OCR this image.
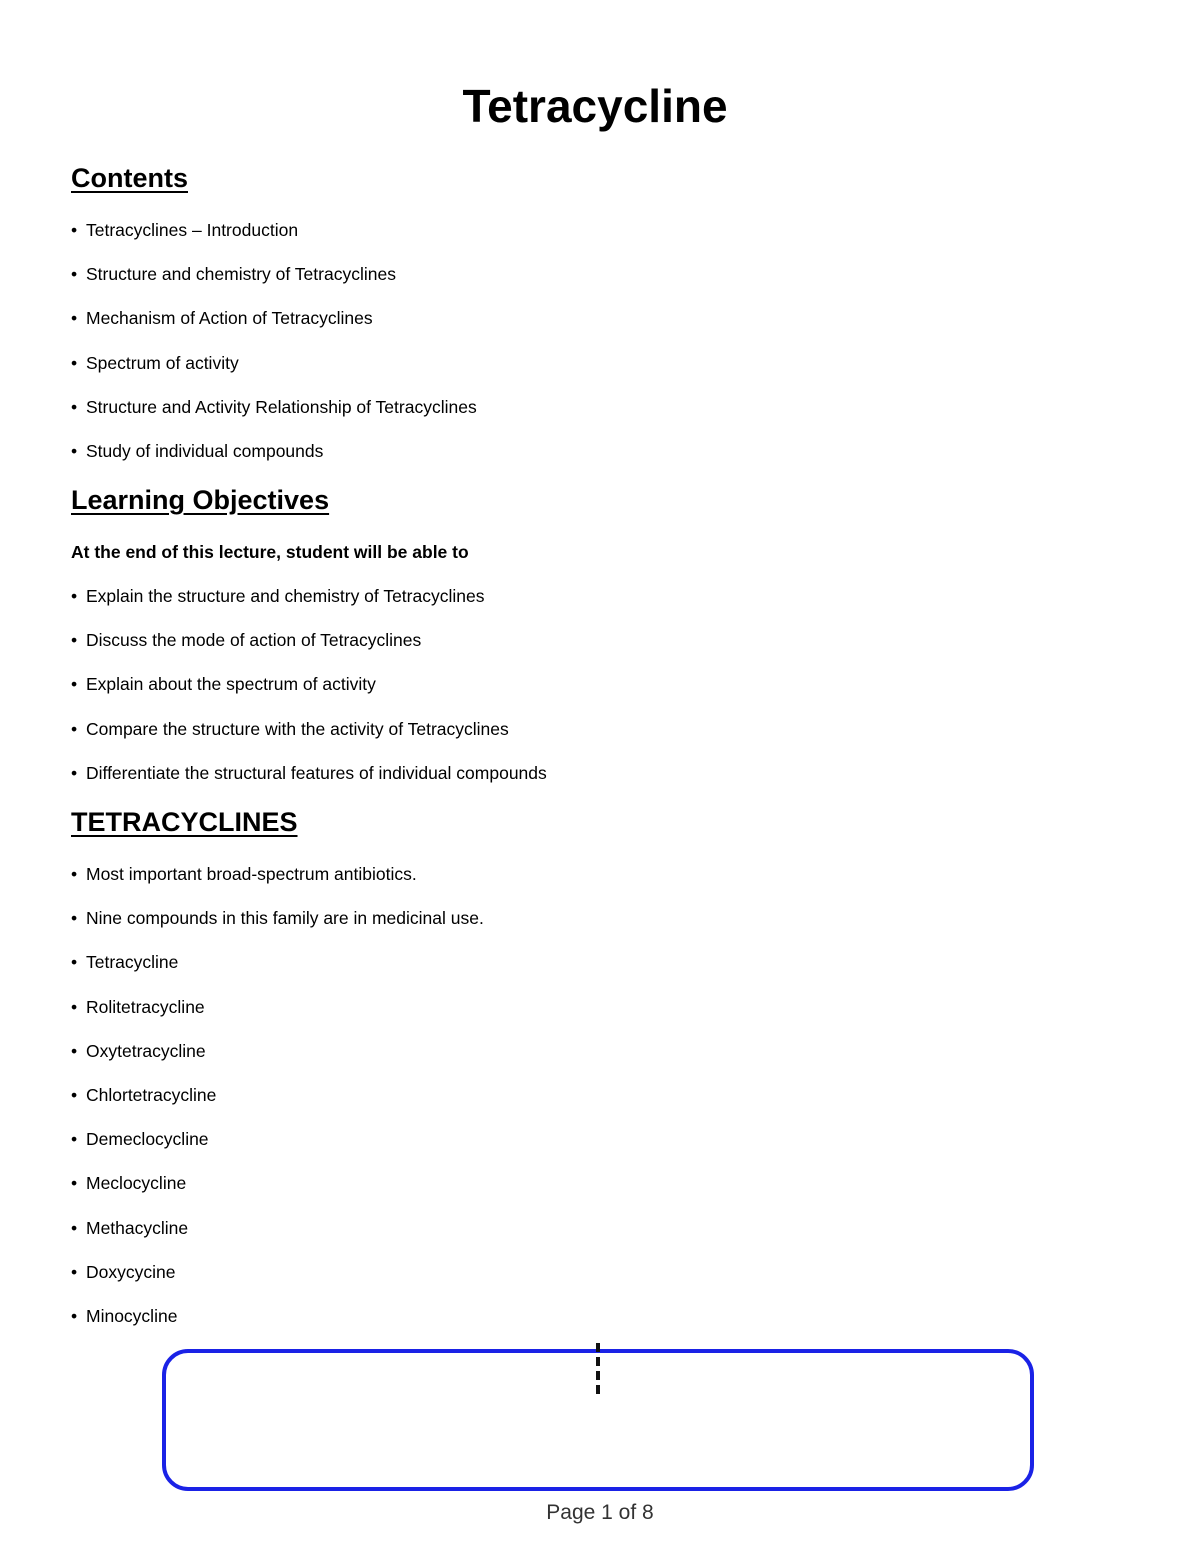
Tetracycline
Contents
• Tetracyclines – Introduction
• Structure and chemistry of Tetracyclines
• Mechanism of Action of Tetracyclines
• Spectrum of activity
• Structure and Activity Relationship of Tetracyclines
• Study of individual compounds
Learning Objectives

At the end of this lecture, student will be able to

• Explain the structure and chemistry of Tetracyclines
• Discuss the mode of action of Tetracyclines
• Explain about the spectrum of activity
• Compare the structure with the activity of Tetracyclines
• Differentiate the structural features of individual compounds
TETRACYCLINES
• Most important broad-spectrum antibiotics.
• Nine compounds in this family are in medicinal use.
• Tetracycline
• Rolitetracycline
• Oxytetracycline
• Chlortetracycline
• Demeclocycline
• Meclocycline
• Methacycline
• Doxycycine
• Minocycline
Page 1 of 8
